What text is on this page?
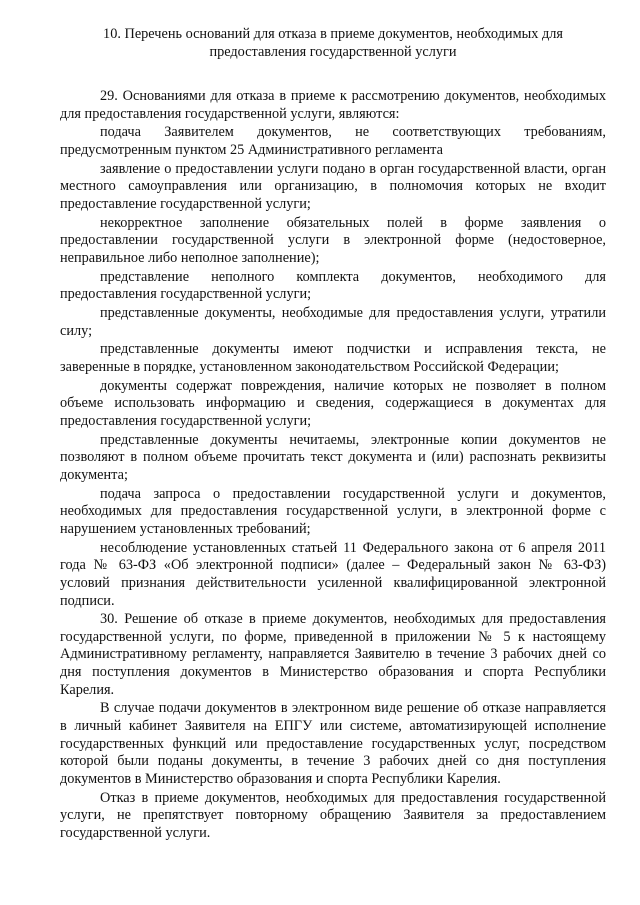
10. Перечень оснований для отказа в приеме документов, необходимых для
предоставления государственной услуги

29. Основаниями для отказа в приеме к рассмотрению документов, необходимых для предоставления государственной услуги, являются:

подача Заявителем документов, не соответствующих требованиям, предусмотренным пунктом 25 Административного регламента

заявление о предоставлении услуги подано в орган государственной власти, орган местного самоуправления или организацию, в полномочия которых не входит предоставление государственной услуги;

некорректное заполнение обязательных полей в форме заявления о предоставлении государственной услуги в электронной форме (недостоверное, неправильное либо неполное заполнение);

представление неполного комплекта документов, необходимого для предоставления государственной услуги;

представленные документы, необходимые для предоставления услуги, утратили силу;

представленные документы имеют подчистки и исправления текста, не заверенные в порядке, установленном законодательством Российской Федерации;

документы содержат повреждения, наличие которых не позволяет в полном объеме использовать информацию и сведения, содержащиеся в документах для предоставления государственной услуги;

представленные документы нечитаемы, электронные копии документов не позволяют в полном объеме прочитать текст документа и (или) распознать реквизиты документа;

подача запроса о предоставлении государственной услуги и документов, необходимых для предоставления государственной услуги, в электронной форме с нарушением установленных требований;

несоблюдение установленных статьей 11 Федерального закона от 6 апреля 2011 года № 63-ФЗ «Об электронной подписи» (далее – Федеральный закон № 63-ФЗ) условий признания действительности усиленной квалифицированной электронной подписи.

30. Решение об отказе в приеме документов, необходимых для предоставления государственной услуги, по форме, приведенной в приложении № 5 к настоящему Административному регламенту, направляется Заявителю в течение 3 рабочих дней со дня поступления документов в Министерство образования и спорта Республики Карелия.

В случае подачи документов в электронном виде решение об отказе направляется в личный кабинет Заявителя на ЕПГУ или системе, автоматизирующей исполнение государственных функций или предоставление государственных услуг, посредством которой были поданы документы, в течение 3 рабочих дней со дня поступления документов в Министерство образования и спорта Республики Карелия.

Отказ в приеме документов, необходимых для предоставления государственной услуги, не препятствует повторному обращению Заявителя за предоставлением государственной услуги.
